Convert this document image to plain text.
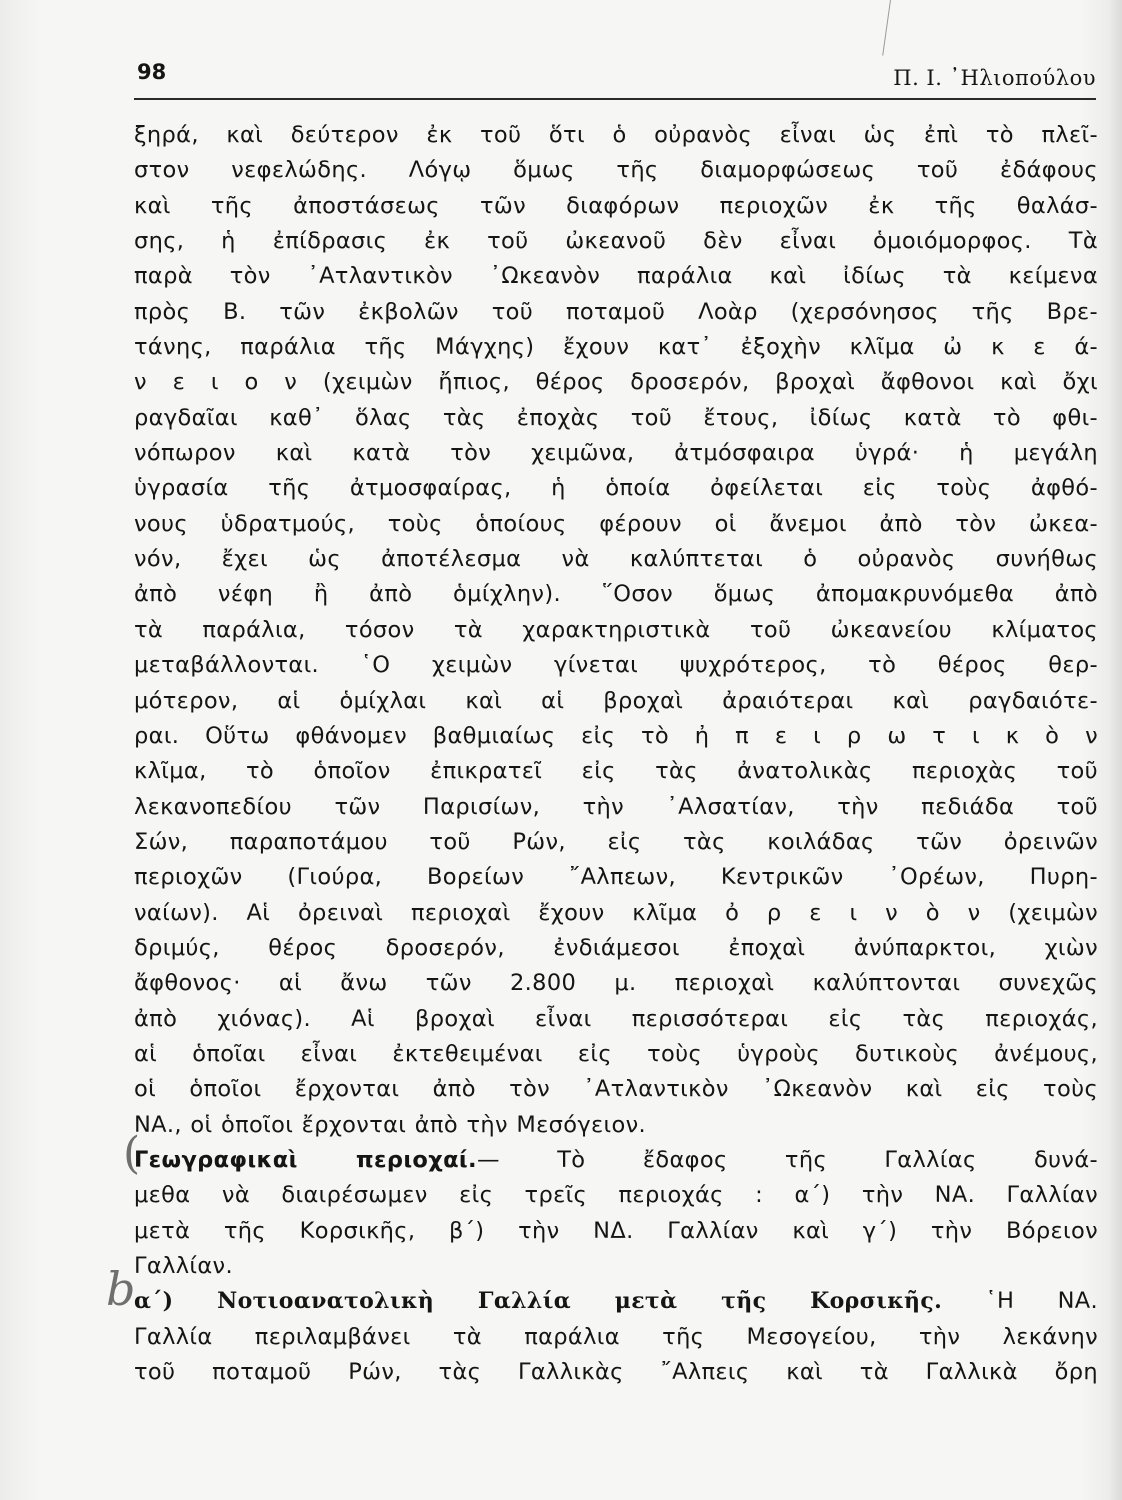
98	Π. Ι. ᾿Ηλιοπούλου
ξηρά, καὶ δεύτερον ἐκ τοῦ ὅτι ὁ οὐρανὸς εἶναι ὡς ἐπὶ τὸ πλεῖ-
στον νεφελώδης. Λόγῳ ὅμως τῆς διαμορφώσεως τοῦ ἐδάφους
καὶ τῆς ἀποστάσεως τῶν διαφόρων περιοχῶν ἐκ τῆς θαλάσ-
σης, ἡ ἐπίδρασις ἐκ τοῦ ὠκεανοῦ δὲν εἶναι ὁμοιόμορφος. Τὰ
παρὰ τὸν ᾿Ατλαντικὸν ᾿Ωκεανὸν παράλια καὶ ἰδίως τὰ κείμενα
πρὸς Β. τῶν ἐκβολῶν τοῦ ποταμοῦ Λοὰρ (χερσόνησος τῆς Βρε-
τάνης, παράλια τῆς Μάγχης) ἔχουν κατ᾿ ἐξοχὴν κλῖμα ὠ κ ε ά-
ν ε ι ο ν (χειμὼν ἤπιος, θέρος δροσερόν, βροχαὶ ἄφθονοι καὶ ὄχι
ραγδαῖαι καθ᾿ ὅλας τὰς ἐποχὰς τοῦ ἔτους, ἰδίως κατὰ τὸ φθι-
νόπωρον καὶ κατὰ τὸν χειμῶνα, ἀτμόσφαιρα ὑγρά· ἡ μεγάλη
ὑγρασία τῆς ἀτμοσφαίρας, ἡ ὁποία ὀφείλεται εἰς τοὺς ἀφθό-
νους ὑδρατμούς, τοὺς ὁποίους φέρουν οἱ ἄνεμοι ἀπὸ τὸν ὠκεα-
νόν, ἔχει ὡς ἀποτέλεσμα νὰ καλύπτεται ὁ οὐρανὸς συνήθως
ἀπὸ νέφη ἢ ἀπὸ ὁμίχλην). ῞Οσον ὅμως ἀπομακρυνόμεθα ἀπὸ
τὰ παράλια, τόσον τὰ χαρακτηριστικὰ τοῦ ὠκεανείου κλίματος
μεταβάλλονται. ῾Ο χειμὼν γίνεται ψυχρότερος, τὸ θέρος θερ-
μότερον, αἱ ὁμίχλαι καὶ αἱ βροχαὶ ἀραιότεραι καὶ ραγδαιότε-
ραι. Οὕτω φθάνομεν βαθμιαίως εἰς τὸ ἠ π ε ι ρ ω τ ι κ ὸ ν
κλῖμα, τὸ ὁποῖον ἐπικρατεῖ εἰς τὰς ἀνατολικὰς περιοχὰς τοῦ
λεκανοπεδίου τῶν Παρισίων, τὴν ᾿Αλσατίαν, τὴν πεδιάδα τοῦ
Σών, παραποτάμου τοῦ Ρών, εἰς τὰς κοιλάδας τῶν ὀρεινῶν
περιοχῶν (Γιούρα, Βορείων ῎Αλπεων, Κεντρικῶν ᾿Ορέων, Πυρη-
ναίων). Αἱ ὀρειναὶ περιοχαὶ ἔχουν κλῖμα ὀ ρ ε ι ν ὸ ν (χειμὼν
δριμύς, θέρος δροσερόν, ἐνδιάμεσοι ἐποχαὶ ἀνύπαρκτοι, χιὼν
ἄφθονος· αἱ ἄνω τῶν 2.800 μ. περιοχαὶ καλύπτονται συνεχῶς
ἀπὸ χιόνας). Αἱ βροχαὶ εἶναι περισσότεραι εἰς τὰς περιοχάς,
αἱ ὁποῖαι εἶναι ἐκτεθειμέναι εἰς τοὺς ὑγροὺς δυτικοὺς ἀνέμους,
οἱ ὁποῖοι ἔρχονται ἀπὸ τὸν ᾿Ατλαντικὸν ᾿Ωκεανὸν καὶ εἰς τοὺς
ΝΑ., οἱ ὁποῖοι ἔρχονται ἀπὸ τὴν Μεσόγειον.
Γεωγραφικαὶ περιοχαί.— Τὸ ἔδαφος τῆς Γαλλίας δυνά-
μεθα νὰ διαιρέσωμεν εἰς τρεῖς περιοχάς : α´) τὴν ΝΑ. Γαλλίαν
μετὰ τῆς Κορσικῆς, β´) τὴν ΝΔ. Γαλλίαν καὶ γ´) τὴν Βόρειον
Γαλλίαν.
α´) Νοτιοανατολικὴ Γαλλία μετὰ τῆς Κορσικῆς. ῾Η ΝΑ.
Γαλλία περιλαμβάνει τὰ παράλια τῆς Μεσογείου, τὴν λεκάνην
τοῦ ποταμοῦ Ρών, τὰς Γαλλικὰς ῎Αλπεις καὶ τὰ Γαλλικὰ ὄρη
(
b
